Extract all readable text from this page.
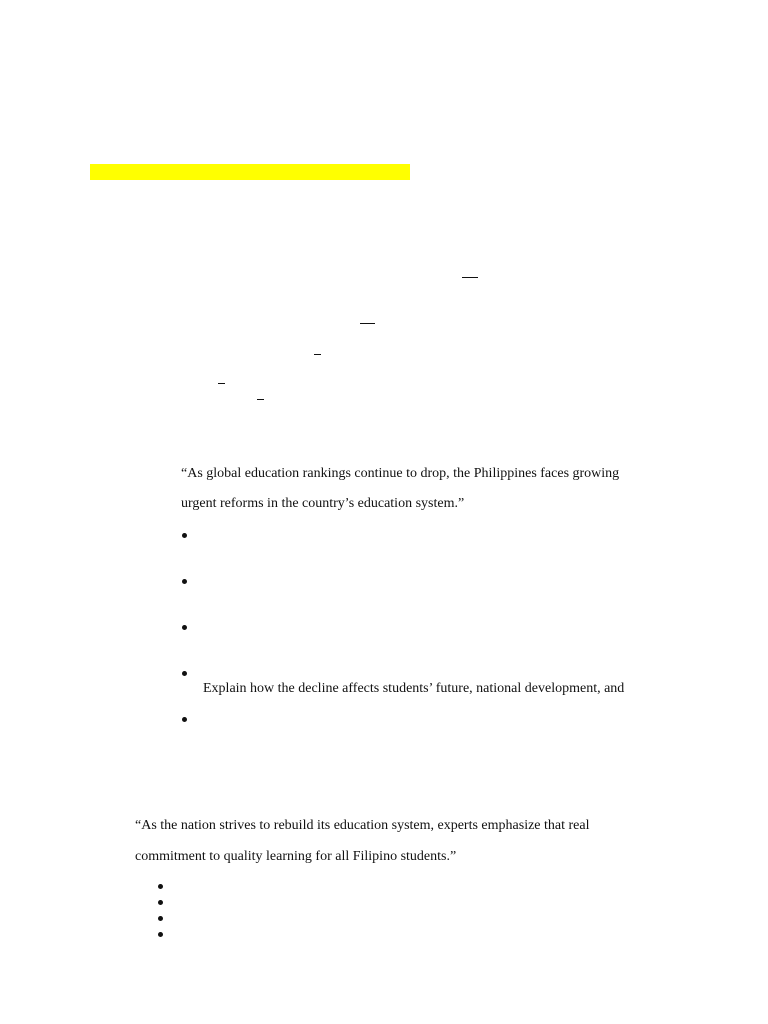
“As global education rankings continue to drop, the Philippines faces growing
urgent reforms in the country’s education system.”
Explain how the decline affects students’ future, national development, and
“As the nation strives to rebuild its education system, experts emphasize that real
commitment to quality learning for all Filipino students.”
